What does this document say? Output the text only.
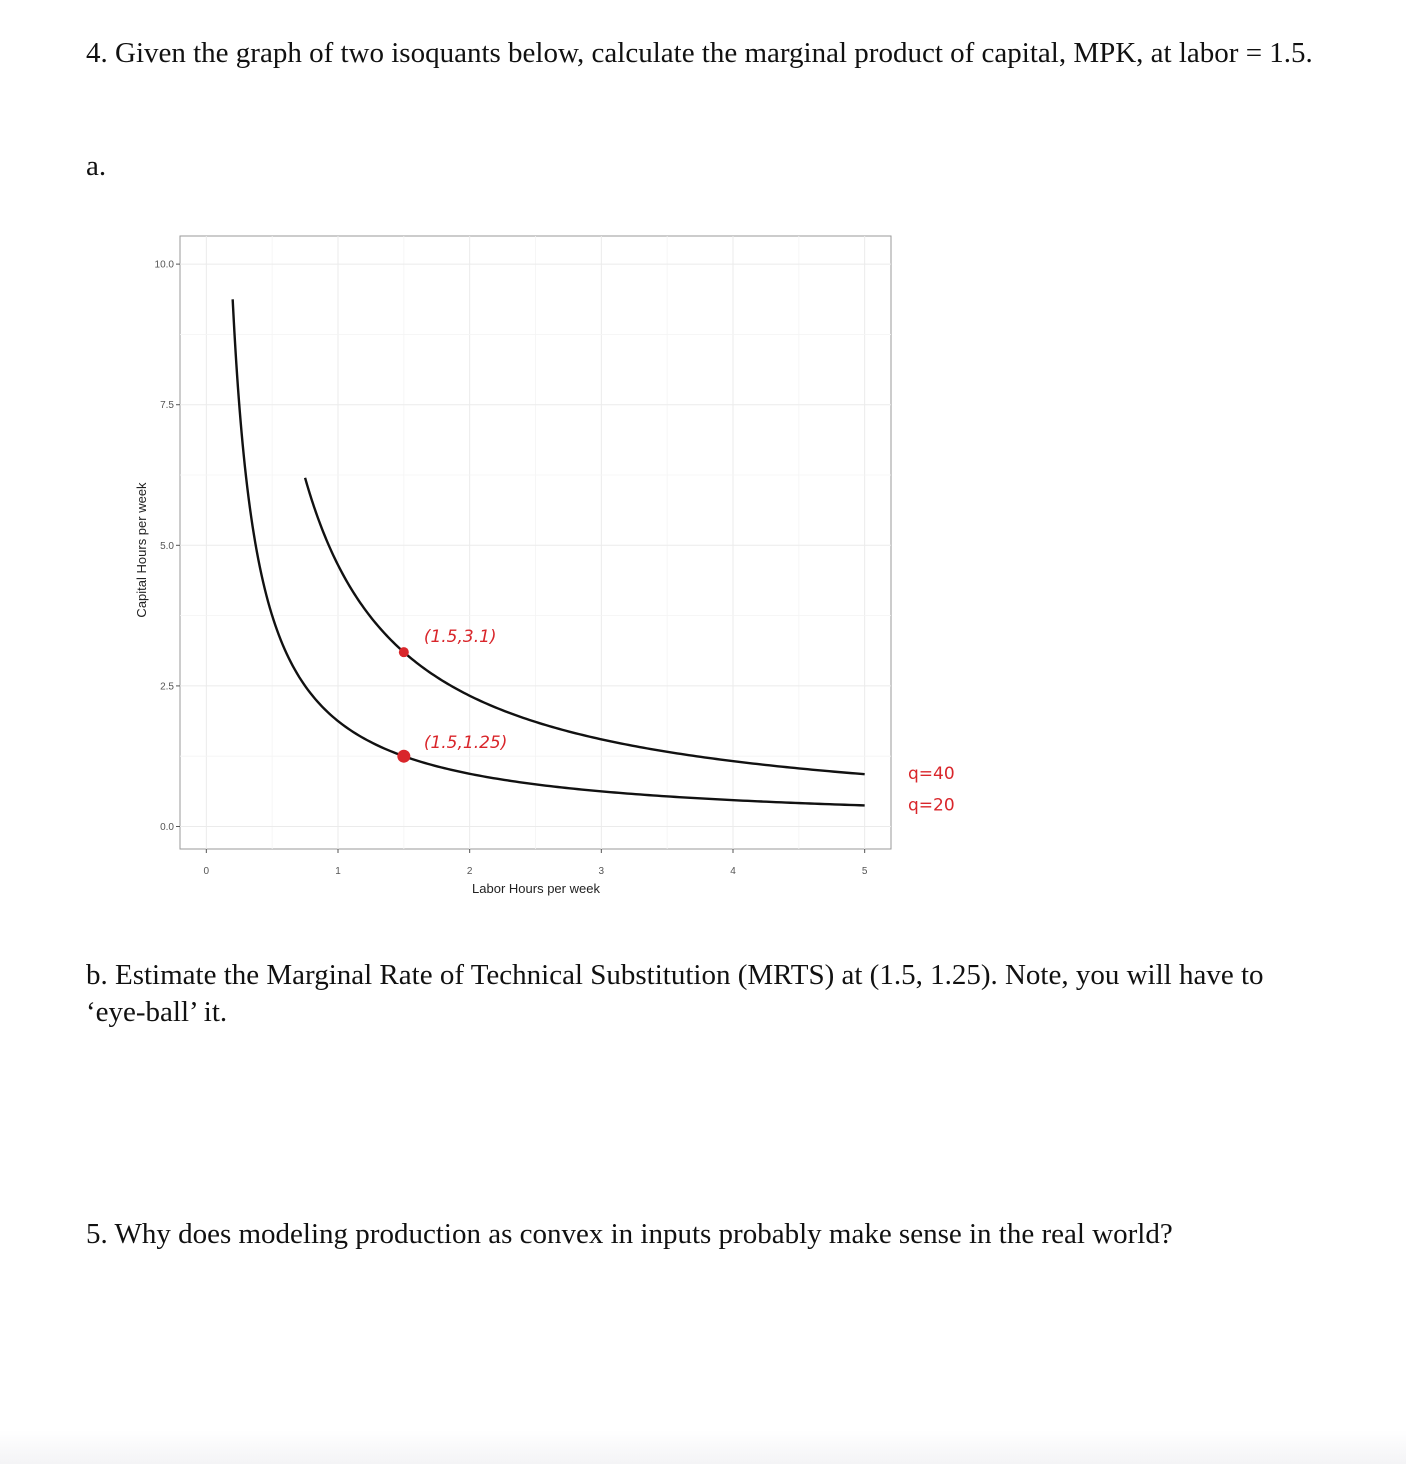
4. Given the graph of two isoquants below, calculate the marginal product of capital, MPK, at labor = 1.5.

a.

0.0
2.5
5.0
7.5
10.0
0	1	2	3	4	5
(1.5,3.1)
(1.5,1.25)
Labor Hours per week
Capital Hours per week
q=40
q=20

b. Estimate the Marginal Rate of Technical Substitution (MRTS) at (1.5, 1.25). Note, you will have to ‘eye-ball’ it.

5. Why does modeling production as convex in inputs probably make sense in the real world?
